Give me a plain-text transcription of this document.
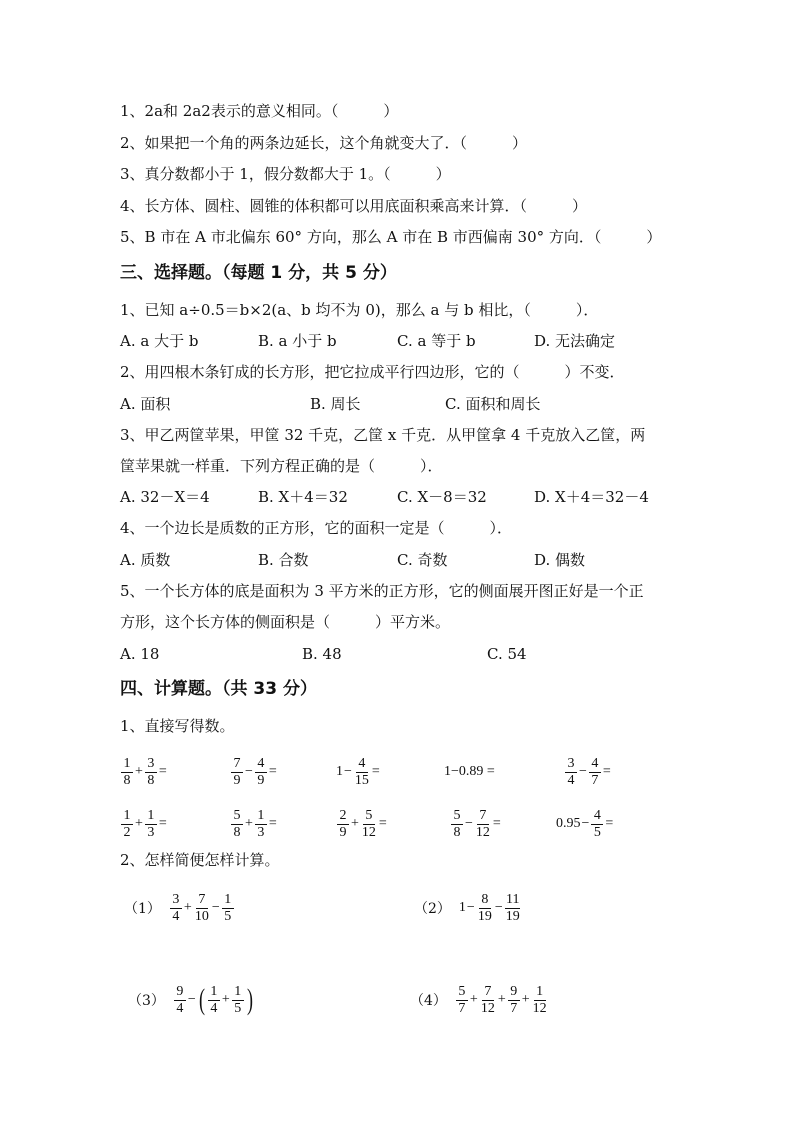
1、2a和 2a2表示的意义相同。（　　　）
2、如果把一个角的两条边延长，这个角就变大了．（　　　）
3、真分数都小于 1，假分数都大于 1。（　　　）
4、长方体、圆柱、圆锥的体积都可以用底面积乘高来计算．（　　　）
5、B 市在 A 市北偏东 60° 方向，那么 A 市在 B 市西偏南 30° 方向．（　　　）
三、选择题。（每题 1 分，共 5 分）
1、已知 a÷0.5＝b×2(a、b 均不为 0)，那么 a 与 b 相比，（　　　）．
A. a 大于 b	B. a 小于 b	C. a 等于 b	D. 无法确定
2、用四根木条钉成的长方形，把它拉成平行四边形，它的（　　　）不变．
A. 面积	B. 周长	C. 面积和周长
3、甲乙两筐苹果，甲筐 32 千克，乙筐 x 千克．从甲筐拿 4 千克放入乙筐，两
筐苹果就一样重．下列方程正确的是（　　　）．
A. 32－X＝4	B. X＋4＝32	C. X－8＝32	D. X＋4＝32－4
4、一个边长是质数的正方形，它的面积一定是（　　　）．
A. 质数	B. 合数	C. 奇数	D. 偶数
5、一个长方体的底是面积为 3 平方米的正方形，它的侧面展开图正好是一个正
方形，这个长方体的侧面积是（　　　）平方米。
A. 18	B. 48	C. 54
四、计算题。（共 33 分）
1、直接写得数。
$\frac{1}{8} + \frac{3}{8}$ =	$\frac{7}{9} - \frac{4}{9}$ =	$1 - \frac{4}{15}$ =	1−0.89 =	$\frac{3}{4} - \frac{4}{7}$ =
$\frac{1}{2} + \frac{1}{3}$ =	$\frac{5}{8} + \frac{1}{3}$ =	$\frac{2}{9} + \frac{5}{12}$ =	$\frac{5}{8} - \frac{7}{12}$ =	$0.95 - \frac{4}{5}$ =
2、怎样简便怎样计算。
$(1) \frac{3}{4} + \frac{7}{10} - \frac{1}{5}$	（2） $1 - \frac{8}{19} - \frac{11}{19}$
$(3) \frac{9}{4}$ − ( $\frac{1}{4} + \frac{1}{5}$ )	$(4) \frac{5}{7} + \frac{7}{12} + \frac{9}{7} + \frac{1}{12}$
